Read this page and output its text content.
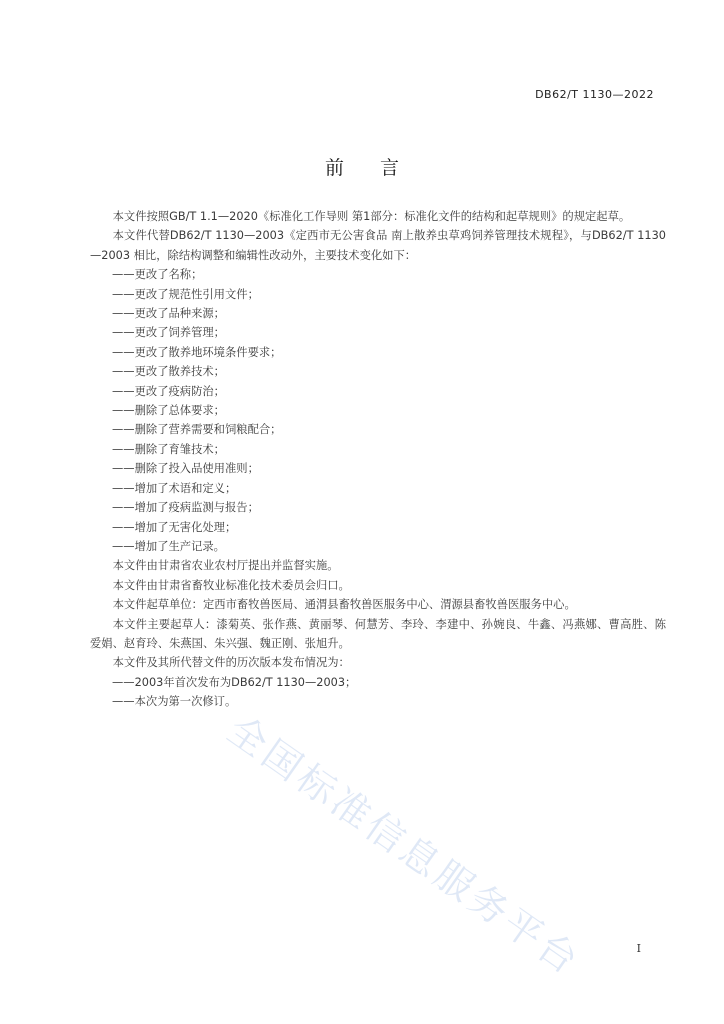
DB62/T 1130—2022
前言

本文件按照GB/T 1.1—2020《标准化工作导则 第1部分：标准化文件的结构和起草规则》的规定起草。

本文件代替DB62/T 1130—2003《定西市无公害食品 南上散养虫草鸡饲养管理技术规程》，与DB62/T 1130—2003 相比，除结构调整和编辑性改动外，主要技术变化如下：

——更改了名称；

——更改了规范性引用文件；

——更改了品种来源；

——更改了饲养管理；

——更改了散养地环境条件要求；

——更改了散养技术；

——更改了疫病防治；

——删除了总体要求；

——删除了营养需要和饲粮配合；

——删除了育雏技术；

——删除了投入品使用准则；

——增加了术语和定义；

——增加了疫病监测与报告；

——增加了无害化处理；

——增加了生产记录。

本文件由甘肃省农业农村厅提出并监督实施。

本文件由甘肃省畜牧业标准化技术委员会归口。

本文件起草单位：定西市畜牧兽医局、通渭县畜牧兽医服务中心、渭源县畜牧兽医服务中心。

本文件主要起草人：漆菊英、张作燕、黄丽琴、何慧芳、李玲、李建中、孙婉良、牛鑫、冯燕娜、曹高胜、陈爱娟、赵育玲、朱燕国、朱兴强、魏正刚、张旭升。

本文件及其所代替文件的历次版本发布情况为：

——2003年首次发布为DB62/T 1130—2003；

——本次为第一次修订。

全国标准信息服务平台	I
